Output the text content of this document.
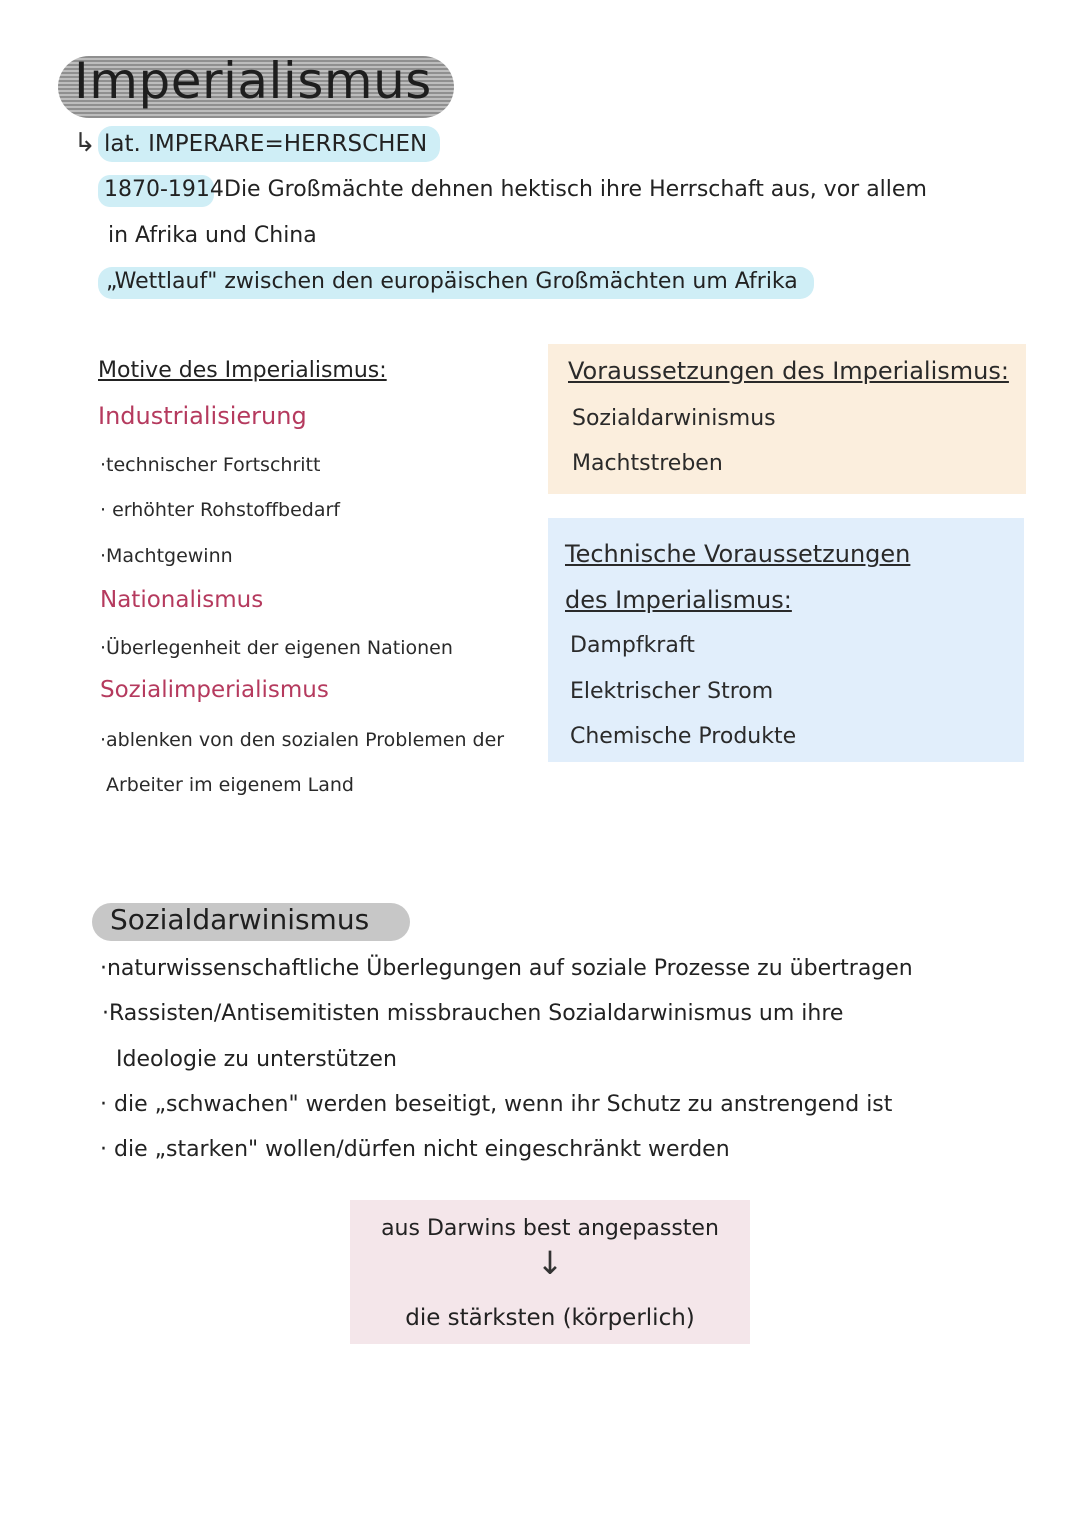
Imperialismus
↳ lat. IMPERARE=HERRSCHEN
1870-1914 Die Großmächte dehnen hektisch ihre Herrschaft aus, vor allem
in Afrika und China
„Wettlauf" zwischen den europäischen Großmächten um Afrika
Motive des Imperialismus:
Industrialisierung
·technischer Fortschritt
· erhöhter Rohstoffbedarf
·Machtgewinn
Nationalismus
·Überlegenheit der eigenen Nationen
Sozialimperialismus
·ablenken von den sozialen Problemen der
Arbeiter im eigenem Land
Voraussetzungen des Imperialismus:
Sozialdarwinismus
Machtstreben
Technische Voraussetzungen
des Imperialismus:
Dampfkraft
Elektrischer Strom
Chemische Produkte
Sozialdarwinismus
·naturwissenschaftliche Überlegungen auf soziale Prozesse zu übertragen
·Rassisten/Antisemitisten missbrauchen Sozialdarwinismus um ihre
Ideologie zu unterstützen
· die „schwachen" werden beseitigt, wenn ihr Schutz zu anstrengend ist
· die „starken" wollen/dürfen nicht eingeschränkt werden
aus Darwins best angepassten
↓
die stärksten (körperlich)
